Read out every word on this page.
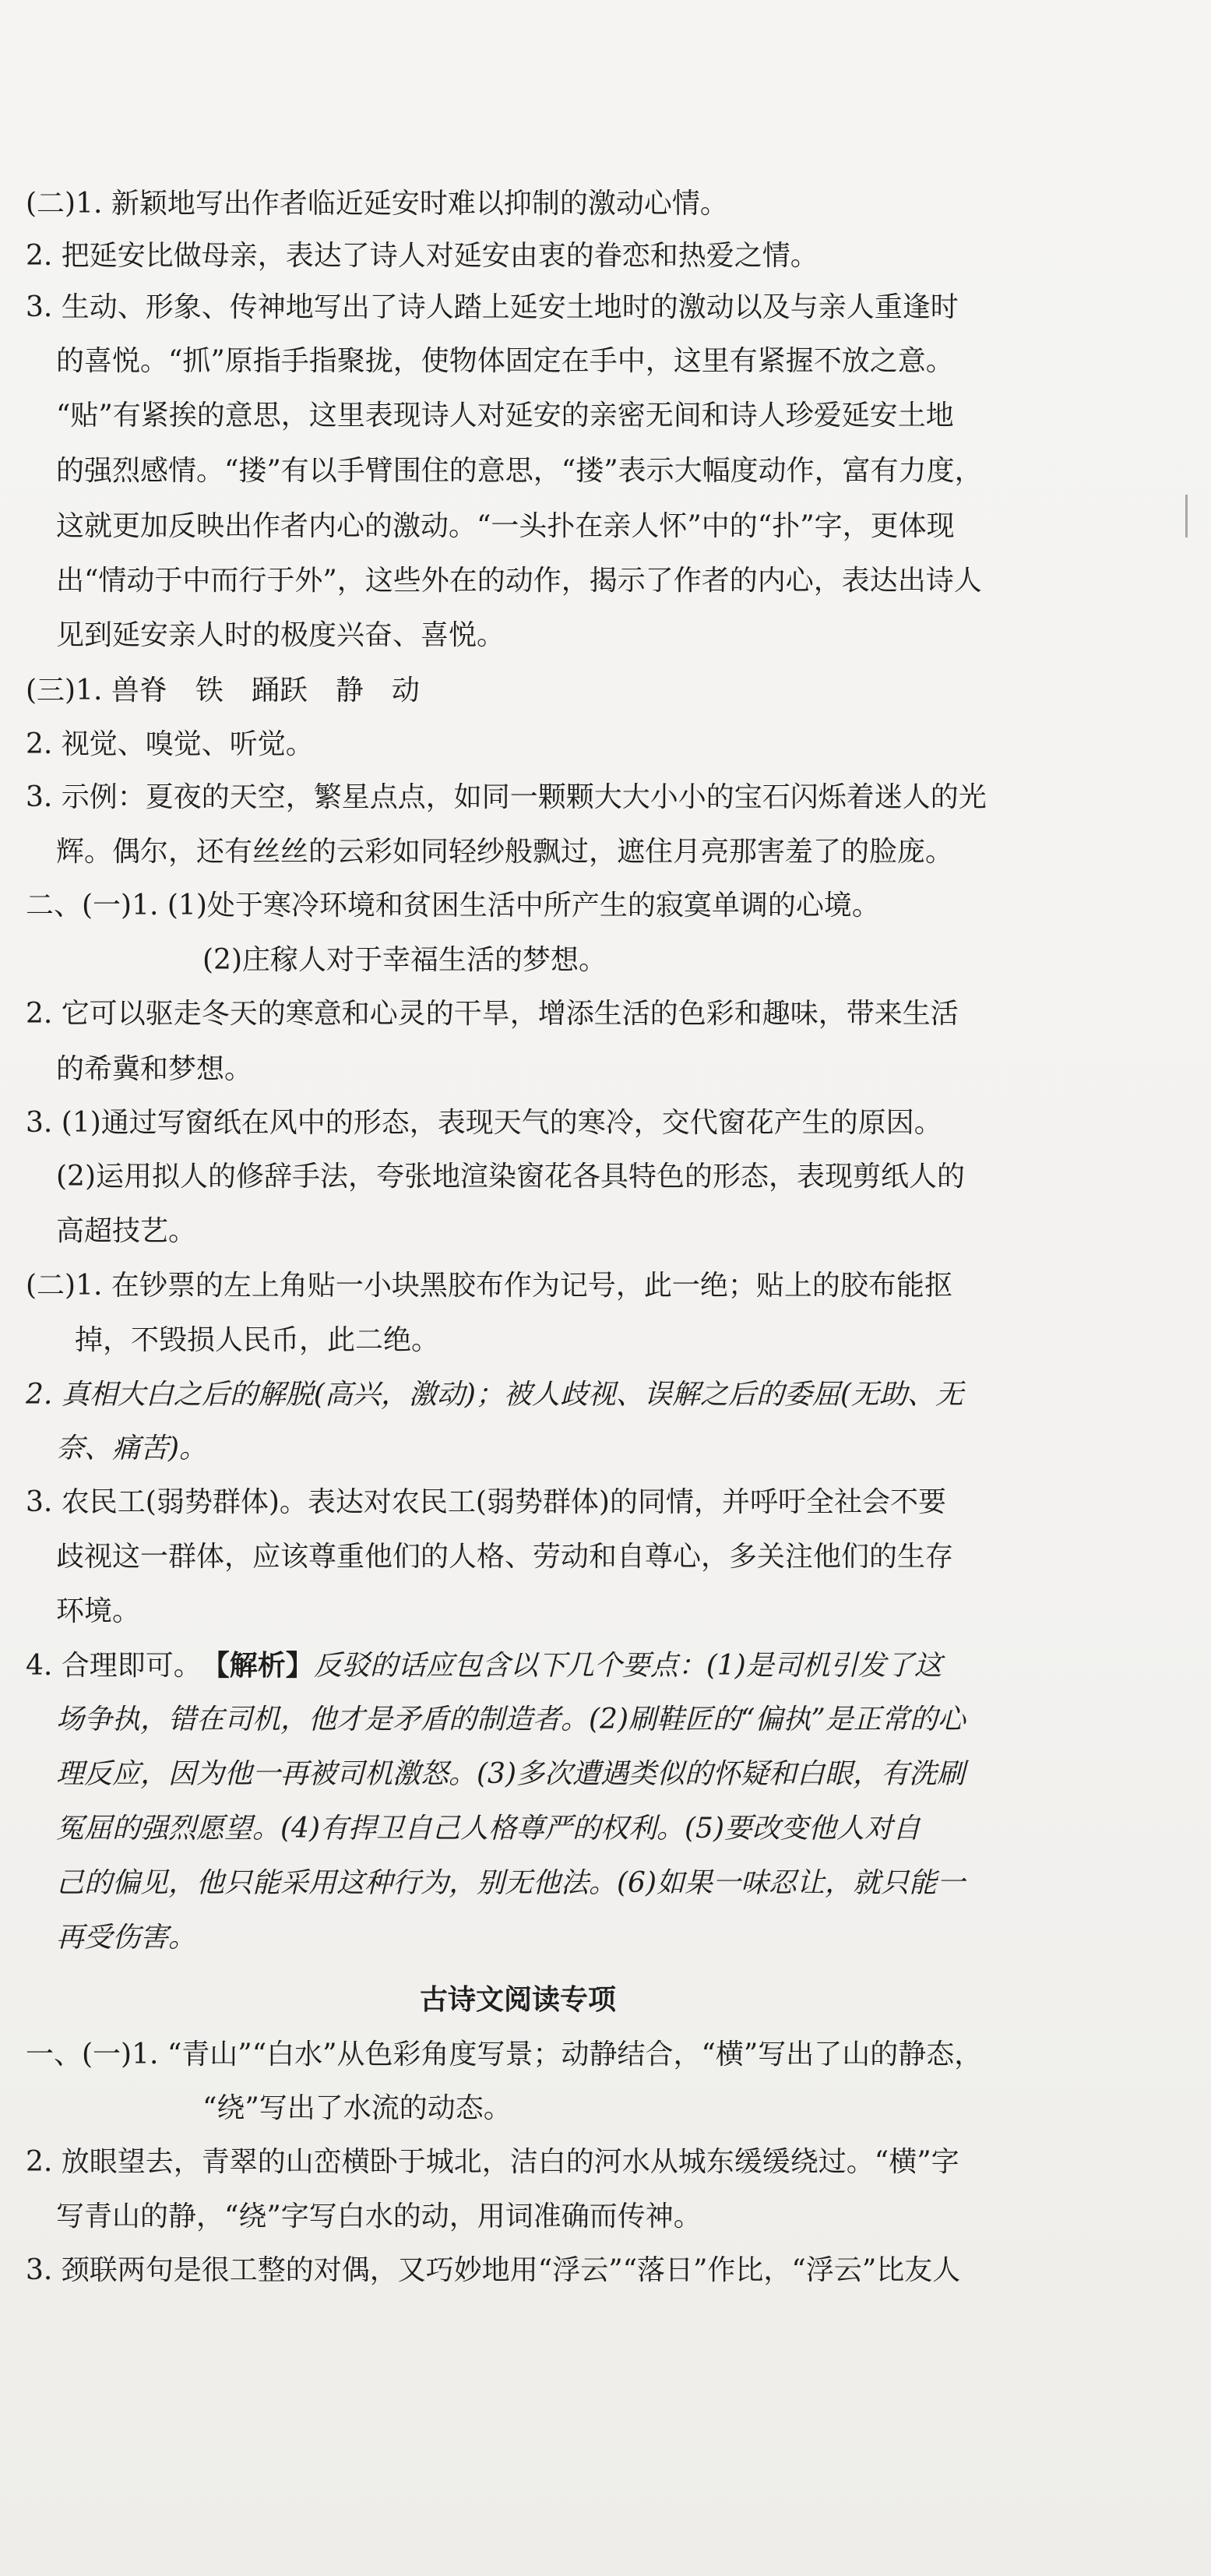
(二)1. 新颖地写出作者临近延安时难以抑制的激动心情。
2. 把延安比做母亲，表达了诗人对延安由衷的眷恋和热爱之情。
3. 生动、形象、传神地写出了诗人踏上延安土地时的激动以及与亲人重逢时
的喜悦。“抓”原指手指聚拢，使物体固定在手中，这里有紧握不放之意。
“贴”有紧挨的意思，这里表现诗人对延安的亲密无间和诗人珍爱延安土地
的强烈感情。“搂”有以手臂围住的意思，“搂”表示大幅度动作，富有力度，
这就更加反映出作者内心的激动。“一头扑在亲人怀”中的“扑”字，更体现
出“情动于中而行于外”，这些外在的动作，揭示了作者的内心，表达出诗人
见到延安亲人时的极度兴奋、喜悦。
(三)1. 兽脊　铁　踊跃　静　动
2. 视觉、嗅觉、听觉。
3. 示例：夏夜的天空，繁星点点，如同一颗颗大大小小的宝石闪烁着迷人的光
辉。偶尔，还有丝丝的云彩如同轻纱般飘过，遮住月亮那害羞了的脸庞。
二、(一)1. (1)处于寒冷环境和贫困生活中所产生的寂寞单调的心境。
(2)庄稼人对于幸福生活的梦想。
2. 它可以驱走冬天的寒意和心灵的干旱，增添生活的色彩和趣味，带来生活
的希冀和梦想。
3. (1)通过写窗纸在风中的形态，表现天气的寒冷，交代窗花产生的原因。
(2)运用拟人的修辞手法，夸张地渲染窗花各具特色的形态，表现剪纸人的
高超技艺。
(二)1. 在钞票的左上角贴一小块黑胶布作为记号，此一绝；贴上的胶布能抠
掉，不毁损人民币，此二绝。
2. 真相大白之后的解脱(高兴，激动)；被人歧视、误解之后的委屈(无助、无
奈、痛苦)。
3. 农民工(弱势群体)。表达对农民工(弱势群体)的同情，并呼吁全社会不要
歧视这一群体，应该尊重他们的人格、劳动和自尊心，多关注他们的生存
环境。
4. 合理即可。　【解析】反驳的话应包含以下几个要点：(1)是司机引发了这
场争执，错在司机，他才是矛盾的制造者。(2)刷鞋匠的“偏执”是正常的心
理反应，因为他一再被司机激怒。(3)多次遭遇类似的怀疑和白眼，有洗刷
冤屈的强烈愿望。(4)有捍卫自己人格尊严的权利。(5)要改变他人对自
己的偏见，他只能采用这种行为，别无他法。(6)如果一味忍让，就只能一
再受伤害。
古诗文阅读专项
一、(一)1. “青山”“白水”从色彩角度写景；动静结合，“横”写出了山的静态，
“绕”写出了水流的动态。
2. 放眼望去，青翠的山峦横卧于城北，洁白的河水从城东缓缓绕过。“横”字
写青山的静，“绕”字写白水的动，用词准确而传神。
3. 颈联两句是很工整的对偶，又巧妙地用“浮云”“落日”作比，“浮云”比友人
